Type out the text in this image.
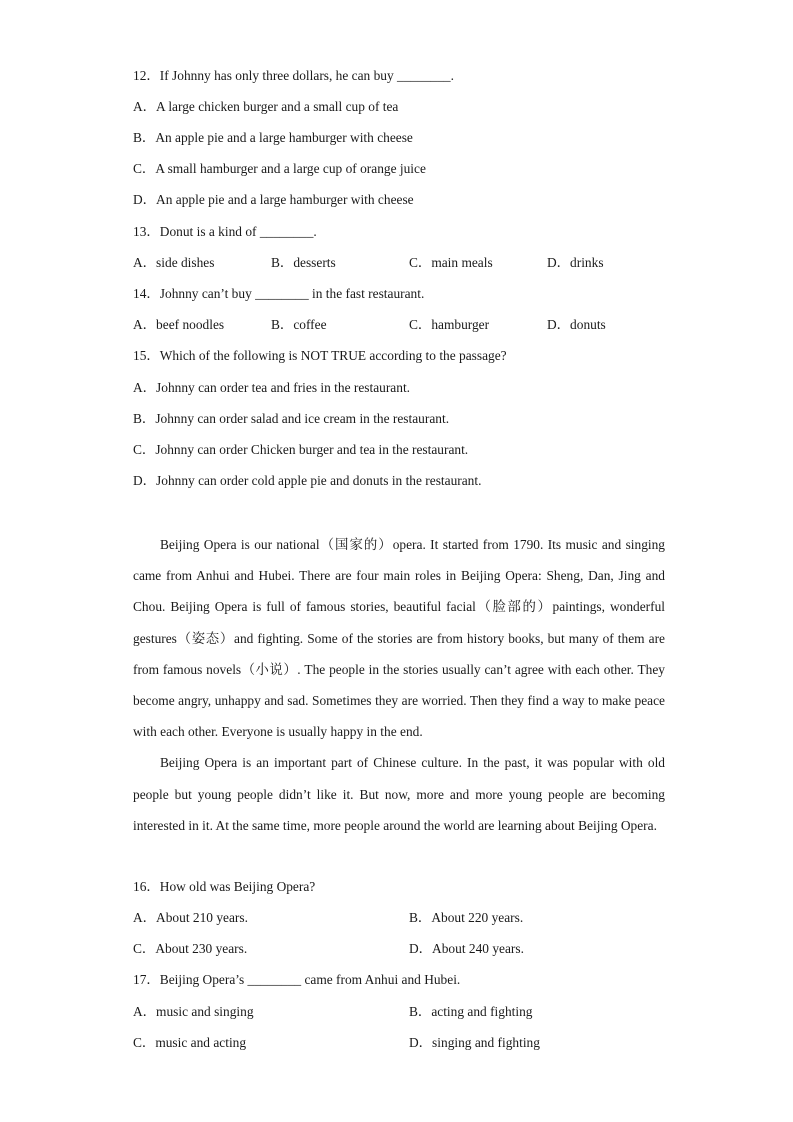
12．If Johnny has only three dollars, he can buy ________.
A．A large chicken burger and a small cup of tea
B．An apple pie and a large hamburger with cheese
C．A small hamburger and a large cup of orange juice
D．An apple pie and a large hamburger with cheese
13．Donut is a kind of ________.
A．side dishes	B．desserts	C．main meals	D．drinks
14．Johnny can’t buy ________ in the fast restaurant.
A．beef noodles	B．coffee	C．hamburger	D．donuts
15．Which of the following is NOT TRUE according to the passage?
A．Johnny can order tea and fries in the restaurant.
B．Johnny can order salad and ice cream in the restaurant.
C．Johnny can order Chicken burger and tea in the restaurant.
D．Johnny can order cold apple pie and donuts in the restaurant.

Beijing Opera is our national（国家的）opera. It started from 1790. Its music and singing came from Anhui and Hubei. There are four main roles in Beijing Opera: Sheng, Dan, Jing and Chou. Beijing Opera is full of famous stories, beautiful facial（脸部的）paintings, wonderful gestures（姿态）and fighting. Some of the stories are from history books, but many of them are from famous novels（小说）. The people in the stories usually can’t agree with each other. They become angry, unhappy and sad. Sometimes they are worried. Then they find a way to make peace with each other. Everyone is usually happy in the end.

Beijing Opera is an important part of Chinese culture. In the past, it was popular with old people but young people didn’t like it. But now, more and more young people are becoming interested in it. At the same time, more people around the world are learning about Beijing Opera.

16．How old was Beijing Opera?
A．About 210 years.	B．About 220 years.
C．About 230 years.	D．About 240 years.
17．Beijing Opera’s ________ came from Anhui and Hubei.
A．music and singing	B．acting and fighting
C．music and acting	D．singing and fighting
